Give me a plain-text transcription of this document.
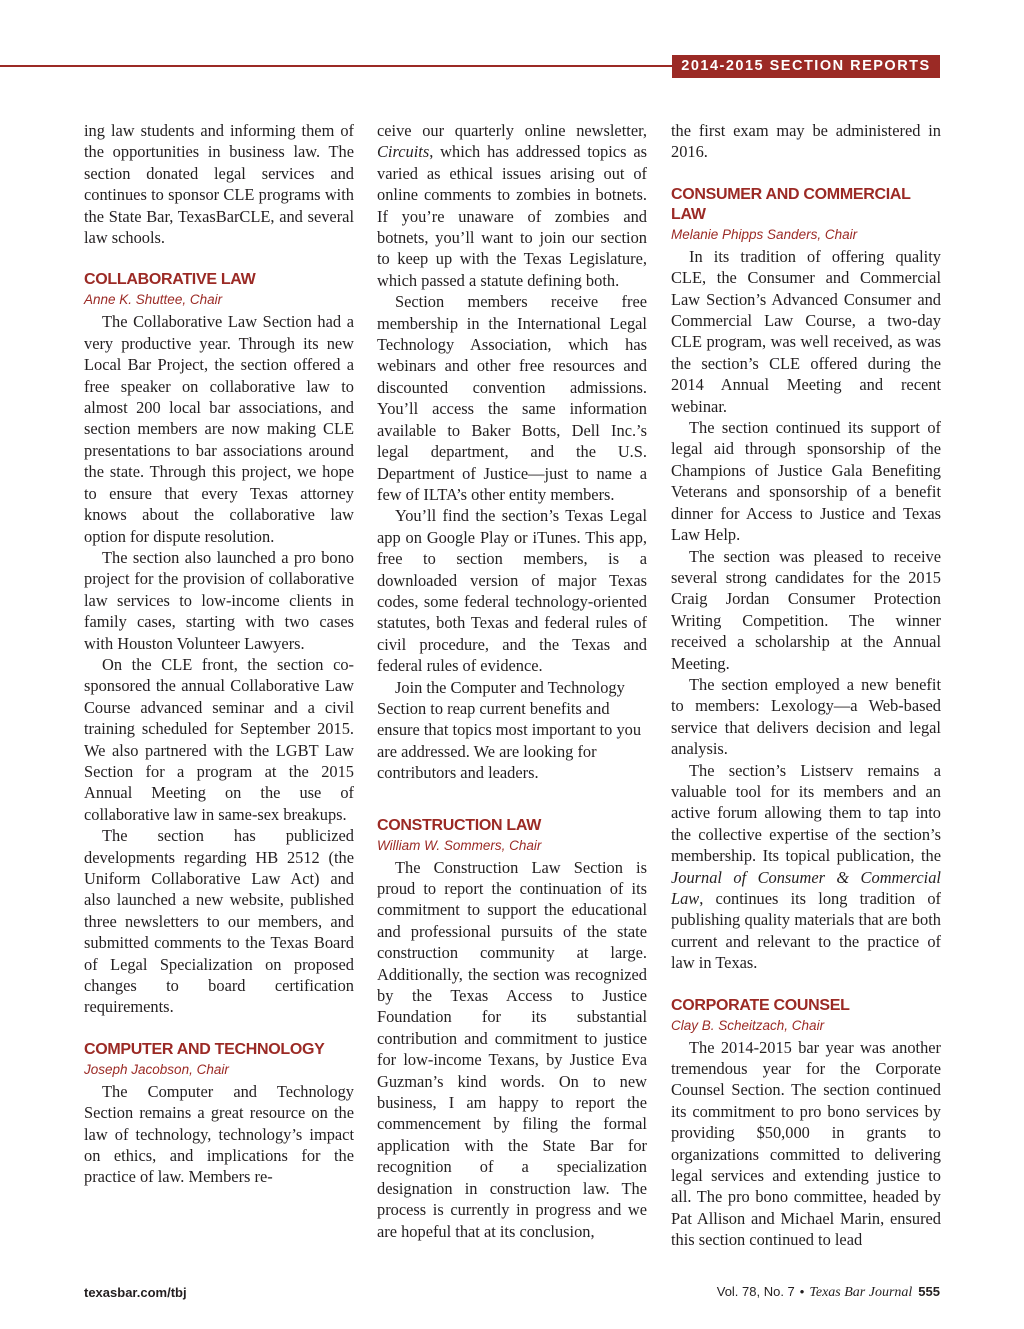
2014-2015 SECTION REPORTS

ing law students and informing them of the opportunities in business law. The section donated legal services and continues to sponsor CLE programs with the State Bar, TexasBarCLE, and several law schools.

COLLABORATIVE LAW
Anne K. Shuttee, Chair

The Collaborative Law Section had a very productive year. Through its new Local Bar Project, the section offered a free speaker on collaborative law to almost 200 local bar associations, and section members are now making CLE presentations to bar associations around the state. Through this project, we hope to ensure that every Texas attorney knows about the collaborative law option for dispute resolution.

The section also launched a pro bono project for the provision of collaborative law services to low-income clients in family cases, starting with two cases with Houston Volunteer Lawyers.

On the CLE front, the section co-sponsored the annual Collaborative Law Course advanced seminar and a civil training scheduled for September 2015. We also partnered with the LGBT Law Section for a program at the 2015 Annual Meeting on the use of collaborative law in same-sex breakups.

The section has publicized developments regarding HB 2512 (the Uniform Collaborative Law Act) and also launched a new website, published three newsletters to our members, and submitted comments to the Texas Board of Legal Specialization on proposed changes to board certification requirements.

COMPUTER AND TECHNOLOGY
Joseph Jacobson, Chair

The Computer and Technology Section remains a great resource on the law of technology, technology’s impact on ethics, and implications for the practice of law. Members re-

ceive our quarterly online newsletter, Circuits, which has addressed topics as varied as ethical issues arising out of online comments to zombies in botnets. If you’re unaware of zombies and botnets, you’ll want to join our section to keep up with the Texas Legislature, which passed a statute defining both.

Section members receive free membership in the International Legal Technology Association, which has webinars and other free resources and discounted convention admissions. You’ll access the same information available to Baker Botts, Dell Inc.’s legal department, and the U.S. Department of Justice—just to name a few of ILTA’s other entity members.

You’ll find the section’s Texas Legal app on Google Play or iTunes. This app, free to section members, is a downloaded version of major Texas codes, some federal technology-oriented statutes, both Texas and federal rules of civil procedure, and the Texas and federal rules of evidence.

Join the Computer and Technology Section to reap current benefits and ensure that topics most important to you are addressed. We are looking for contributors and leaders.

CONSTRUCTION LAW
William W. Sommers, Chair

The Construction Law Section is proud to report the continuation of its commitment to support the educational and professional pursuits of the state construction community at large. Additionally, the section was recognized by the Texas Access to Justice Foundation for its substantial contribution and commitment to justice for low-income Texans, by Justice Eva Guzman’s kind words. On to new business, I am happy to report the commencement by filing the formal application with the State Bar for recognition of a specialization designation in construction law. The process is currently in progress and we are hopeful that at its conclusion,

the first exam may be administered in 2016.

CONSUMER AND COMMERCIAL LAW
Melanie Phipps Sanders, Chair

In its tradition of offering quality CLE, the Consumer and Commercial Law Section’s Advanced Consumer and Commercial Law Course, a two-day CLE program, was well received, as was the section’s CLE offered during the 2014 Annual Meeting and recent webinar.

The section continued its support of legal aid through sponsorship of the Champions of Justice Gala Benefiting Veterans and sponsorship of a benefit dinner for Access to Justice and Texas Law Help.

The section was pleased to receive several strong candidates for the 2015 Craig Jordan Consumer Protection Writing Competition. The winner received a scholarship at the Annual Meeting.

The section employed a new benefit to members: Lexology—a Web-based service that delivers decision and legal analysis.

The section’s Listserv remains a valuable tool for its members and an active forum allowing them to tap into the collective expertise of the section’s membership. Its topical publication, the Journal of Consumer & Commercial Law, continues its long tradition of publishing quality materials that are both current and relevant to the practice of law in Texas.

CORPORATE COUNSEL
Clay B. Scheitzach, Chair

The 2014-2015 bar year was another tremendous year for the Corporate Counsel Section. The section continued its commitment to pro bono services by providing $50,000 in grants to organizations committed to delivering legal services and extending justice to all. The pro bono committee, headed by Pat Allison and Michael Marin, ensured this section continued to lead

texasbar.com/tbj	Vol. 78, No. 7 • Texas Bar Journal 555
